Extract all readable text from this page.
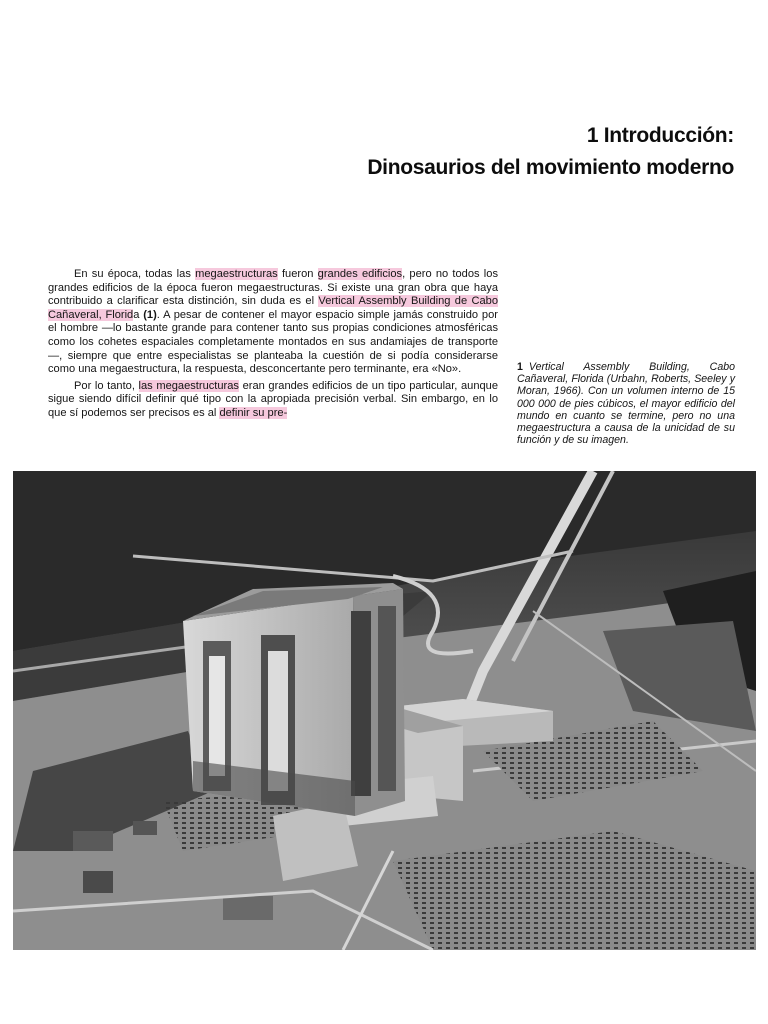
1 Introducción:
Dinosaurios del movimiento moderno

En su época, todas las megaestructuras fueron grandes edificios, pero no todos los grandes edificios de la época fueron megaestructuras. Si existe una gran obra que haya contribuido a clarificar esta distinción, sin duda es el Vertical Assembly Building de Cabo Cañaveral, Florida (1). A pesar de contener el mayor espacio simple jamás construido por el hombre —lo bastante grande para contener tanto sus propias condiciones atmosféricas como los cohetes espaciales completamente montados en sus andamiajes de transporte—, siempre que entre especialistas se planteaba la cuestión de si podía considerarse como una megaestructura, la respuesta, desconcertante pero terminante, era «No».

Por lo tanto, las megaestructuras eran grandes edificios de un tipo particular, aunque sigue siendo difícil definir qué tipo con la apropiada precisión verbal. Sin embargo, en lo que sí podemos ser precisos es al definir su pre-

1 Vertical Assembly Building, Cabo Cañaveral, Florida (Urbahn, Roberts, Seeley y Moran, 1966). Con un volumen interno de 15 000 000 de pies cúbicos, el mayor edificio del mundo en cuanto se termine, pero no una megaestructura a causa de la unicidad de su función y de su imagen.
